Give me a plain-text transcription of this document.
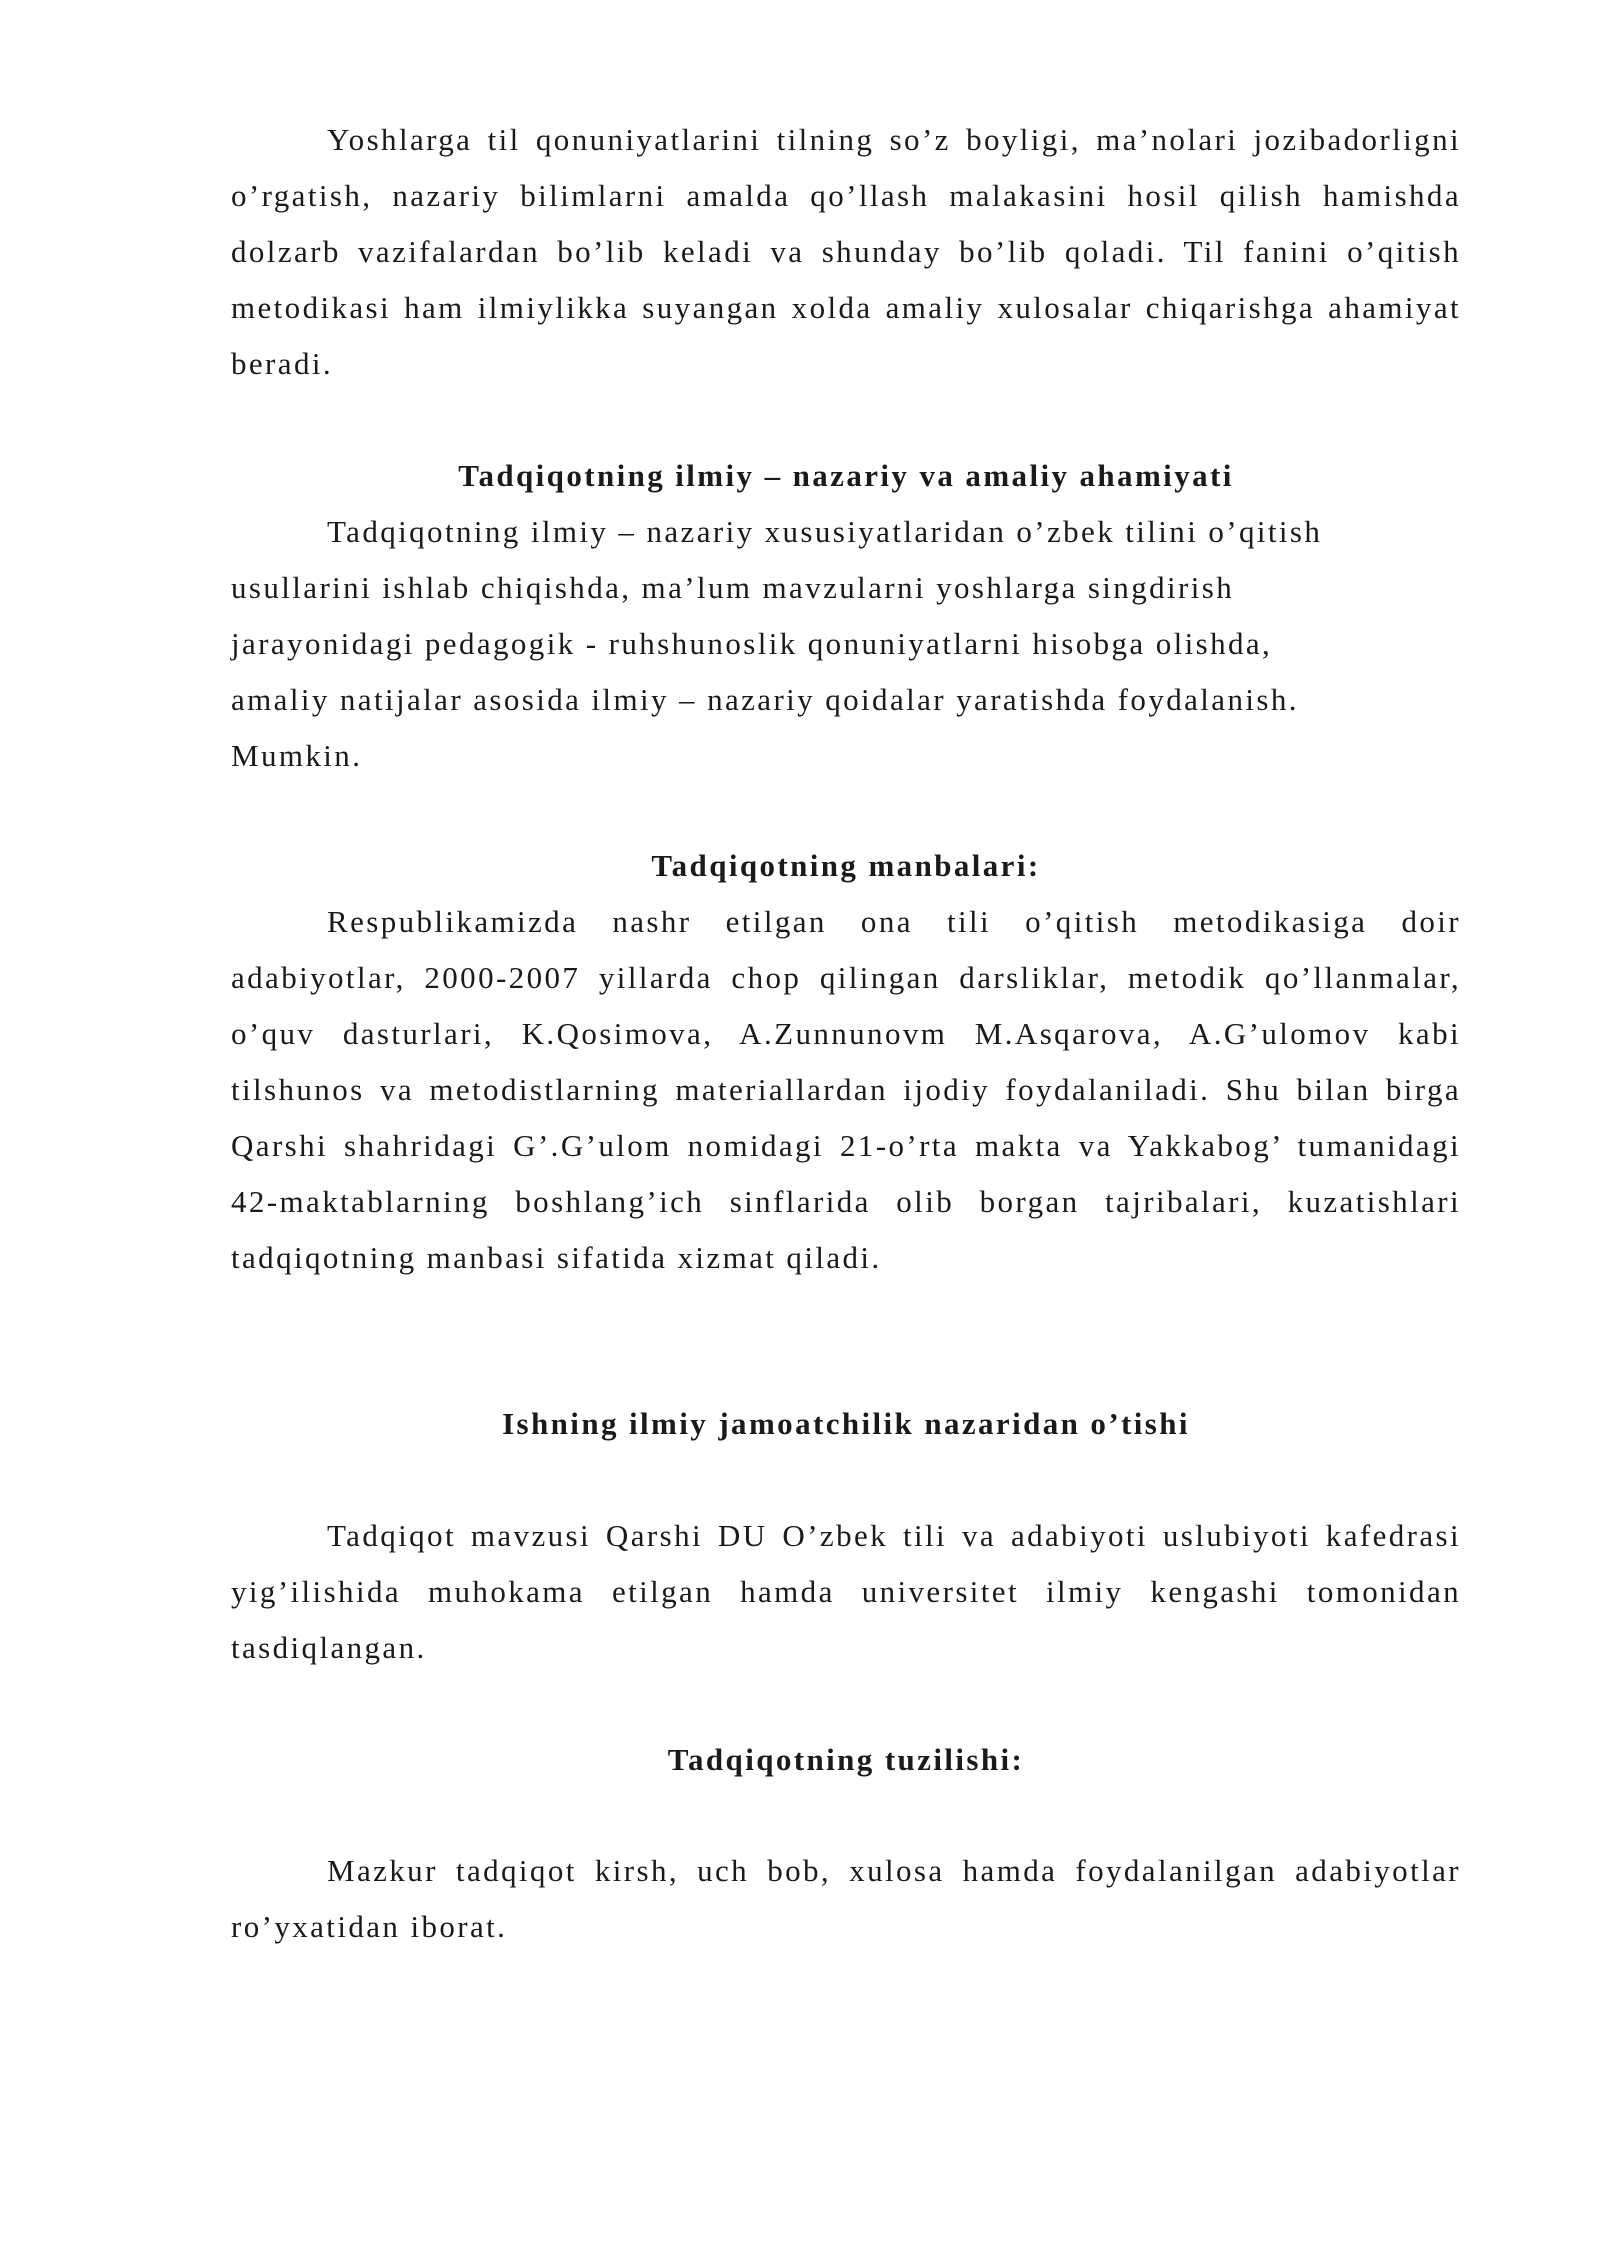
Yoshlarga til qonuniyatlarini tilning so’z boyligi, ma’nolari jozibadorligni o’rgatish, nazariy bilimlarni amalda qo’llash malakasini hosil qilish hamishda dolzarb vazifalardan bo’lib keladi va shunday bo’lib qoladi. Til fanini o’qitish metodikasi ham ilmiylikka suyangan xolda amaliy xulosalar chiqarishga ahamiyat beradi.

Tadqiqotning ilmiy – nazariy va amaliy ahamiyati
Tadqiqotning ilmiy – nazariy xususiyatlaridan o’zbek tilini o’qitish
usullarini ishlab chiqishda, ma’lum mavzularni yoshlarga singdirish
jarayonidagi pedagogik - ruhshunoslik qonuniyatlarni hisobga olishda,
amaliy natijalar asosida ilmiy – nazariy qoidalar yaratishda foydalanish.
Mumkin.
Tadqiqotning manbalari:

Respublikamizda nashr etilgan ona tili o’qitish metodikasiga doir adabiyotlar, 2000-2007 yillarda chop qilingan darsliklar, metodik qo’llanmalar, o’quv dasturlari, K.Qosimova, A.Zunnunovm M.Asqarova, A.G’ulomov kabi tilshunos va metodistlarning materiallardan ijodiy foydalaniladi. Shu bilan birga Qarshi shahridagi G’.G’ulom nomidagi 21-o’rta makta va Yakkabog’ tumanidagi 42-maktablarning boshlang’ich sinflarida olib borgan tajribalari, kuzatishlari tadqiqotning manbasi sifatida xizmat qiladi.

Ishning ilmiy jamoatchilik nazaridan o’tishi

Tadqiqot mavzusi Qarshi DU O’zbek tili va adabiyoti uslubiyoti kafedrasi yig’ilishida muhokama etilgan hamda universitet ilmiy kengashi tomonidan tasdiqlangan.

Tadqiqotning tuzilishi:

Mazkur tadqiqot kirsh, uch bob, xulosa hamda foydalanilgan adabiyotlar ro’yxatidan iborat.
